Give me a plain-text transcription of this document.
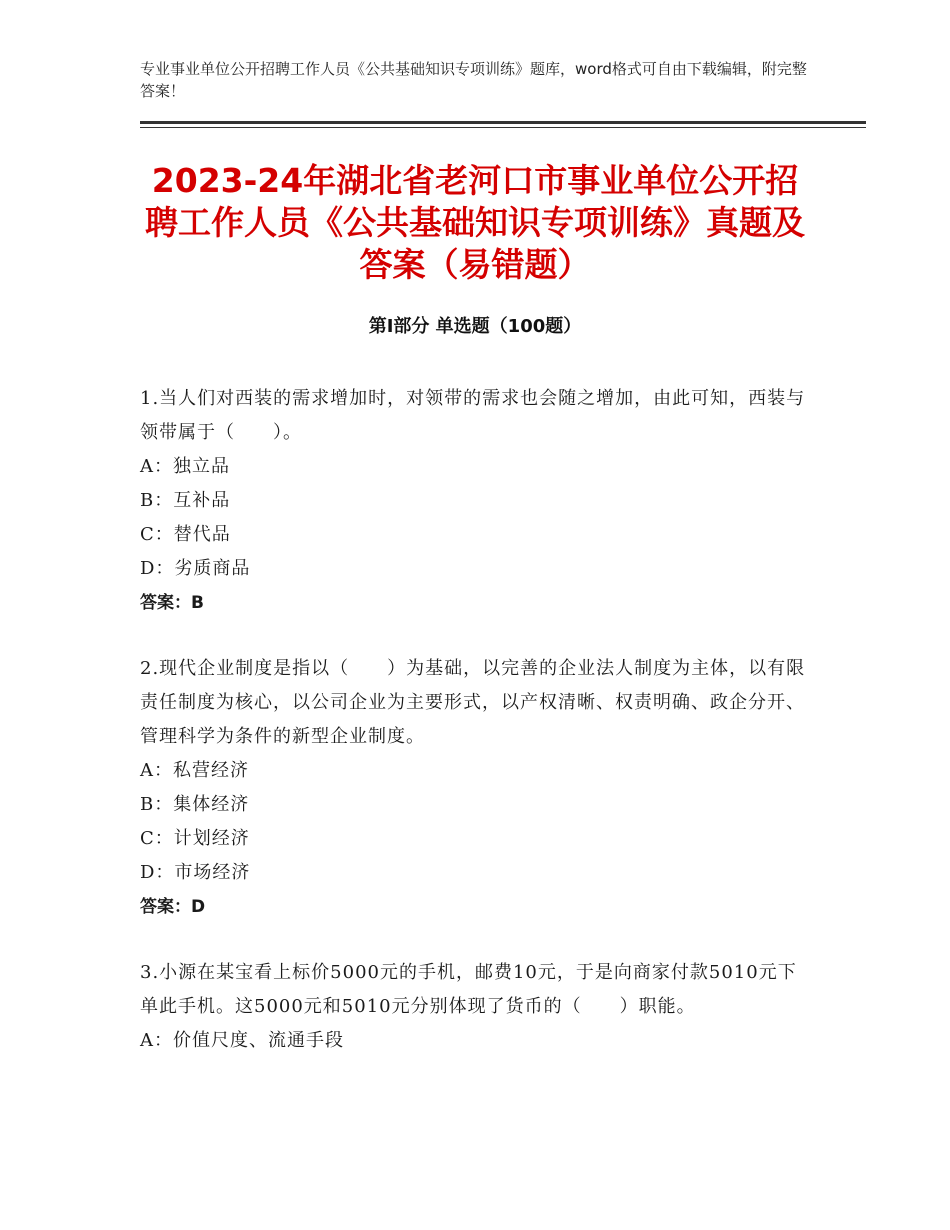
专业事业单位公开招聘工作人员《公共基础知识专项训练》题库，word格式可自由下载编辑，附完整答案！
2023-24年湖北省老河口市事业单位公开招聘工作人员《公共基础知识专项训练》真题及答案（易错题）
第Ⅰ部分 单选题（100题）

1.当人们对西装的需求增加时，对领带的需求也会随之增加，由此可知，西装与领带属于（　　）。

A：独立品

B：互补品

C：替代品

D：劣质商品

答案：B

2.现代企业制度是指以（　　）为基础，以完善的企业法人制度为主体，以有限责任制度为核心，以公司企业为主要形式，以产权清晰、权责明确、政企分开、管理科学为条件的新型企业制度。

A：私营经济

B：集体经济

C：计划经济

D：市场经济

答案：D

3.小源在某宝看上标价5000元的手机，邮费10元，于是向商家付款5010元下单此手机。这5000元和5010元分别体现了货币的（　　）职能。

A：价值尺度、流通手段
